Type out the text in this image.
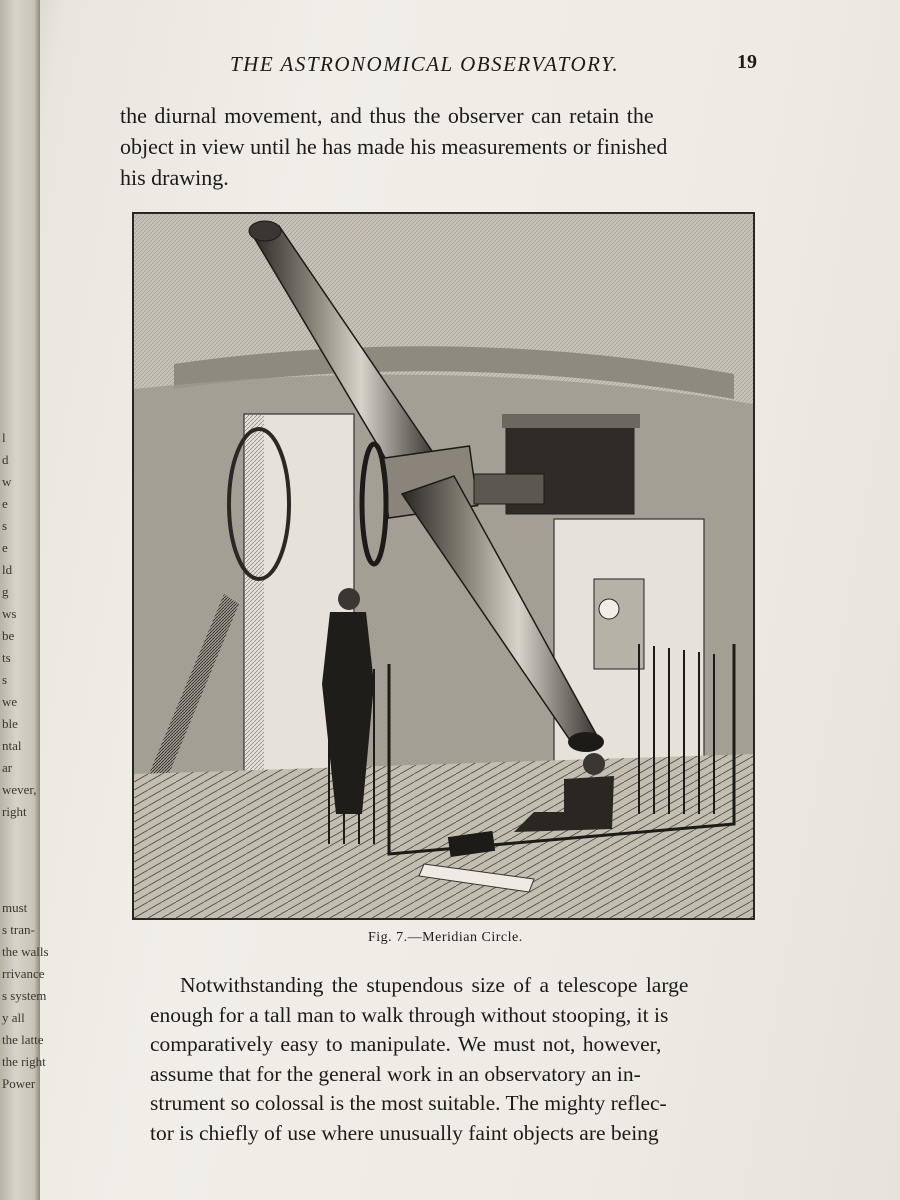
l
d
w
e
s
e
ld
g
ws
be
ts
s
we
ble
ntal
ar
wever,
right
must
s tran-
the walls
rrivance
s system
y all
the latte
the right
Power
THE ASTRONOMICAL OBSERVATORY.	19
the diurnal movement, and thus the observer can retain the
object in view until he has made his measurements or finished
his drawing.
Fig. 7.—Meridian Circle.
Notwithstanding the stupendous size of a telescope large
enough for a tall man to walk through without stooping, it is
comparatively easy to manipulate. We must not, however,
assume that for the general work in an observatory an in-
strument so colossal is the most suitable. The mighty reflec-
tor is chiefly of use where unusually faint objects are being
